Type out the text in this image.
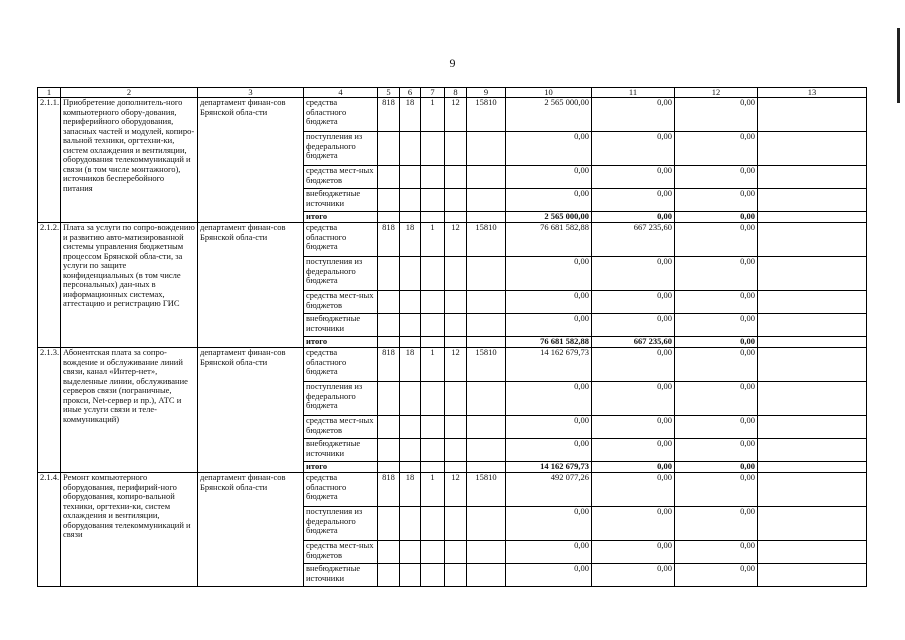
9
1	2	3	4	5	6	7	8	9	10	11	12	13
2.1.1.	Приобретение дополнитель-ного компьютерного обору-дования, периферийного оборудования, запасных частей и модулей, копиро-вальной техники, оргтехни-ки, систем охлаждения и вентиляции, оборудования телекоммуникаций и связи (в том числе монтажного), источников бесперебойного питания	департамент финан-сов Брянской обла-сти	средства областного бюджета	818	18	1	12	15810	2 565 000,00	0,00	0,00	
			поступления из федерального бюджета						0,00	0,00	0,00	
			средства мест-ных бюджетов						0,00	0,00	0,00	
			внебюджетные источники						0,00	0,00	0,00	
			итого						2 565 000,00	0,00	0,00	
2.1.2.	Плата за услуги по сопро-вождению и развитию авто-матизированной системы управления бюджетным процессом Брянской обла-сти, за услуги по защите конфиденциальных (в том числе персональных) дан-ных в информационных системах, аттестацию и регистрацию ГИС	департамент финан-сов Брянской обла-сти	средства областного бюджета	818	18	1	12	15810	76 681 582,88	667 235,60	0,00	
			поступления из федерального бюджета						0,00	0,00	0,00	
			средства мест-ных бюджетов						0,00	0,00	0,00	
			внебюджетные источники						0,00	0,00	0,00	
			итого						76 681 582,88	667 235,60	0,00	
2.1.3.	Абонентская плата за сопро-вождение и обслуживание линий связи, канал «Интер-нет», выделенные линии, обслуживание серверов связи (пограничные, прокси, Net-сервер и пр.), АТС и иные услуги связи и теле-коммуникаций)	департамент финан-сов Брянской обла-сти	средства областного бюджета	818	18	1	12	15810	14 162 679,73	0,00	0,00	
			поступления из федерального бюджета						0,00	0,00	0,00	
			средства мест-ных бюджетов						0,00	0,00	0,00	
			внебюджетные источники						0,00	0,00	0,00	
			итого						14 162 679,73	0,00	0,00	
2.1.4.	Ремонт компьютерного оборудования, перифирий-ного оборудования, копиро-вальной техники, оргтехни-ки, систем охлаждения и вентиляции, оборудования телекоммуникаций и связи	департамент финан-сов Брянской обла-сти	средства областного бюджета	818	18	1	12	15810	492 077,26	0,00	0,00	
			поступления из федерального бюджета						0,00	0,00	0,00	
			средства мест-ных бюджетов						0,00	0,00	0,00	
			внебюджетные источники						0,00	0,00	0,00	
